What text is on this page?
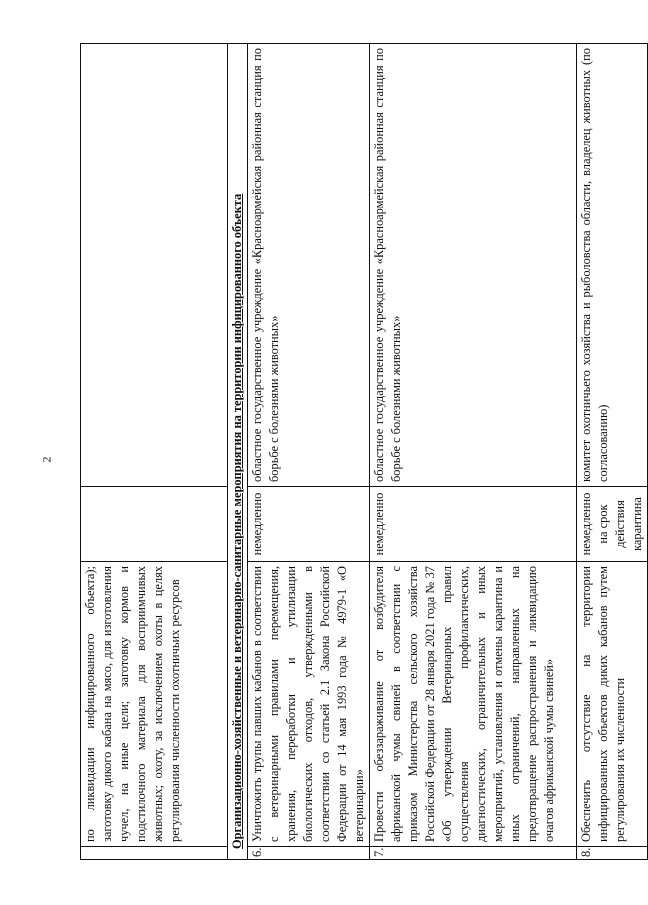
2
	по ликвидации инфицированного объекта); заготовку дикого кабана на мясо, для изготовления чучел, на иные цели; заготовку кормов и подстилочного материала для восприимчивых животных; охоту, за исключением охоты в целях регулирования численности охотничьих ресурсов		
Организационно-хозяйственные и ветеринарно-санитарные мероприятия на территории инфицированного объекта			
6.	Уничтожить трупы павших кабанов в соответствии с ветеринарными правилами перемещения, хранения, переработки и утилизации биологических отходов, утвержденными в соответствии со статьей 2.1 Закона Российской Федерации от 14 мая 1993 года № 4979-1 «О ветеринарии»	немедленно	областное государственное учреждение «Красноармейская районная станция по борьбе с болезнями животных»
7.	Провести обеззараживание от возбудителя африканской чумы свиней в соответствии с приказом Министерства сельского хозяйства Российской Федерации от 28 января 2021 года № 37 «Об утверждении Ветеринарных правил осуществления профилактических, диагностических, ограничительных и иных мероприятий, установления и отмены карантина и иных ограничений, направленных на предотвращение распространения и ликвидацию очагов африканской чумы свиней»	немедленно	областное государственное учреждение «Красноармейская районная станция по борьбе с болезнями животных»
8.	Обеспечить отсутствие на территории инфицированных объектов диких кабанов путем регулирования их численности	немедленно на срок действия карантина	комитет охотничьего хозяйства и рыболовства области, владелец животных (по согласованию)
